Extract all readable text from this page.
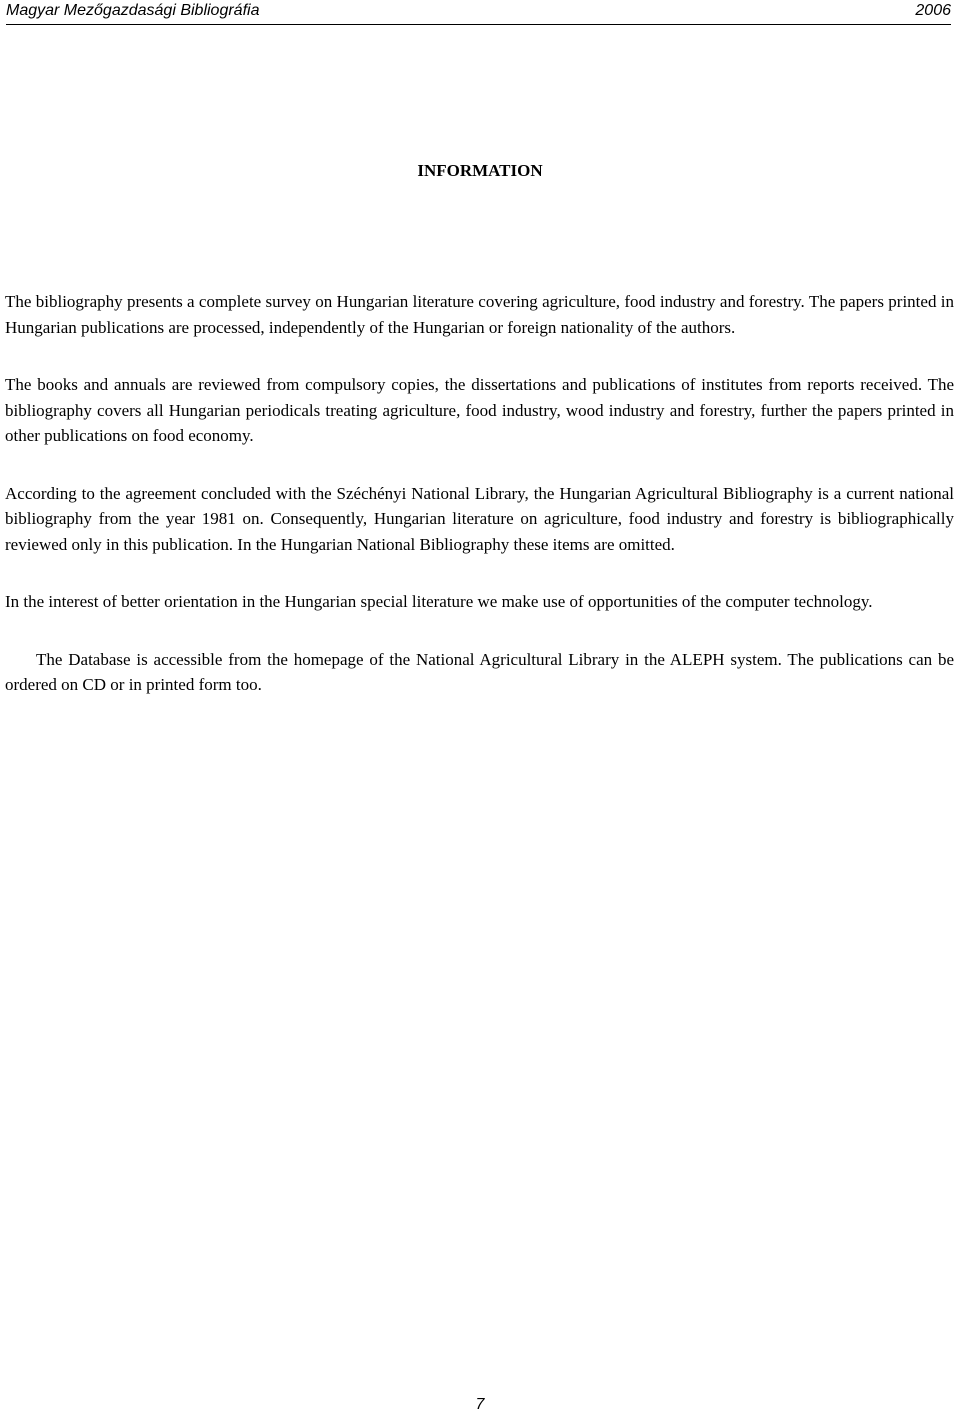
Magyar Mezőgazdasági Bibliográfia	2006
INFORMATION

The bibliography presents a complete survey on Hungarian literature covering agriculture, food industry and forestry. The papers printed in Hungarian publications are processed, independently of the Hungarian or foreign nationality of the authors.

The books and annuals are reviewed from compulsory copies, the dissertations and publications of institutes from reports received. The bibliography covers all Hungarian periodicals treating agriculture, food industry, wood industry and forestry, further the papers printed in other publications on food economy.

According to the agreement concluded with the Széchényi National Library, the Hungarian Agricultural Bibliography is a current national bibliography from the year 1981 on. Consequently, Hungarian literature on agriculture, food industry and forestry is bibliographically reviewed only in this publication. In the Hungarian National Bibliography these items are omitted.

In the interest of better orientation in the Hungarian special literature we make use of opportunities of the computer technology.

The Database is accessible from the homepage of the National Agricultural Library in the ALEPH system. The publications can be ordered on CD or in printed form too.

7
